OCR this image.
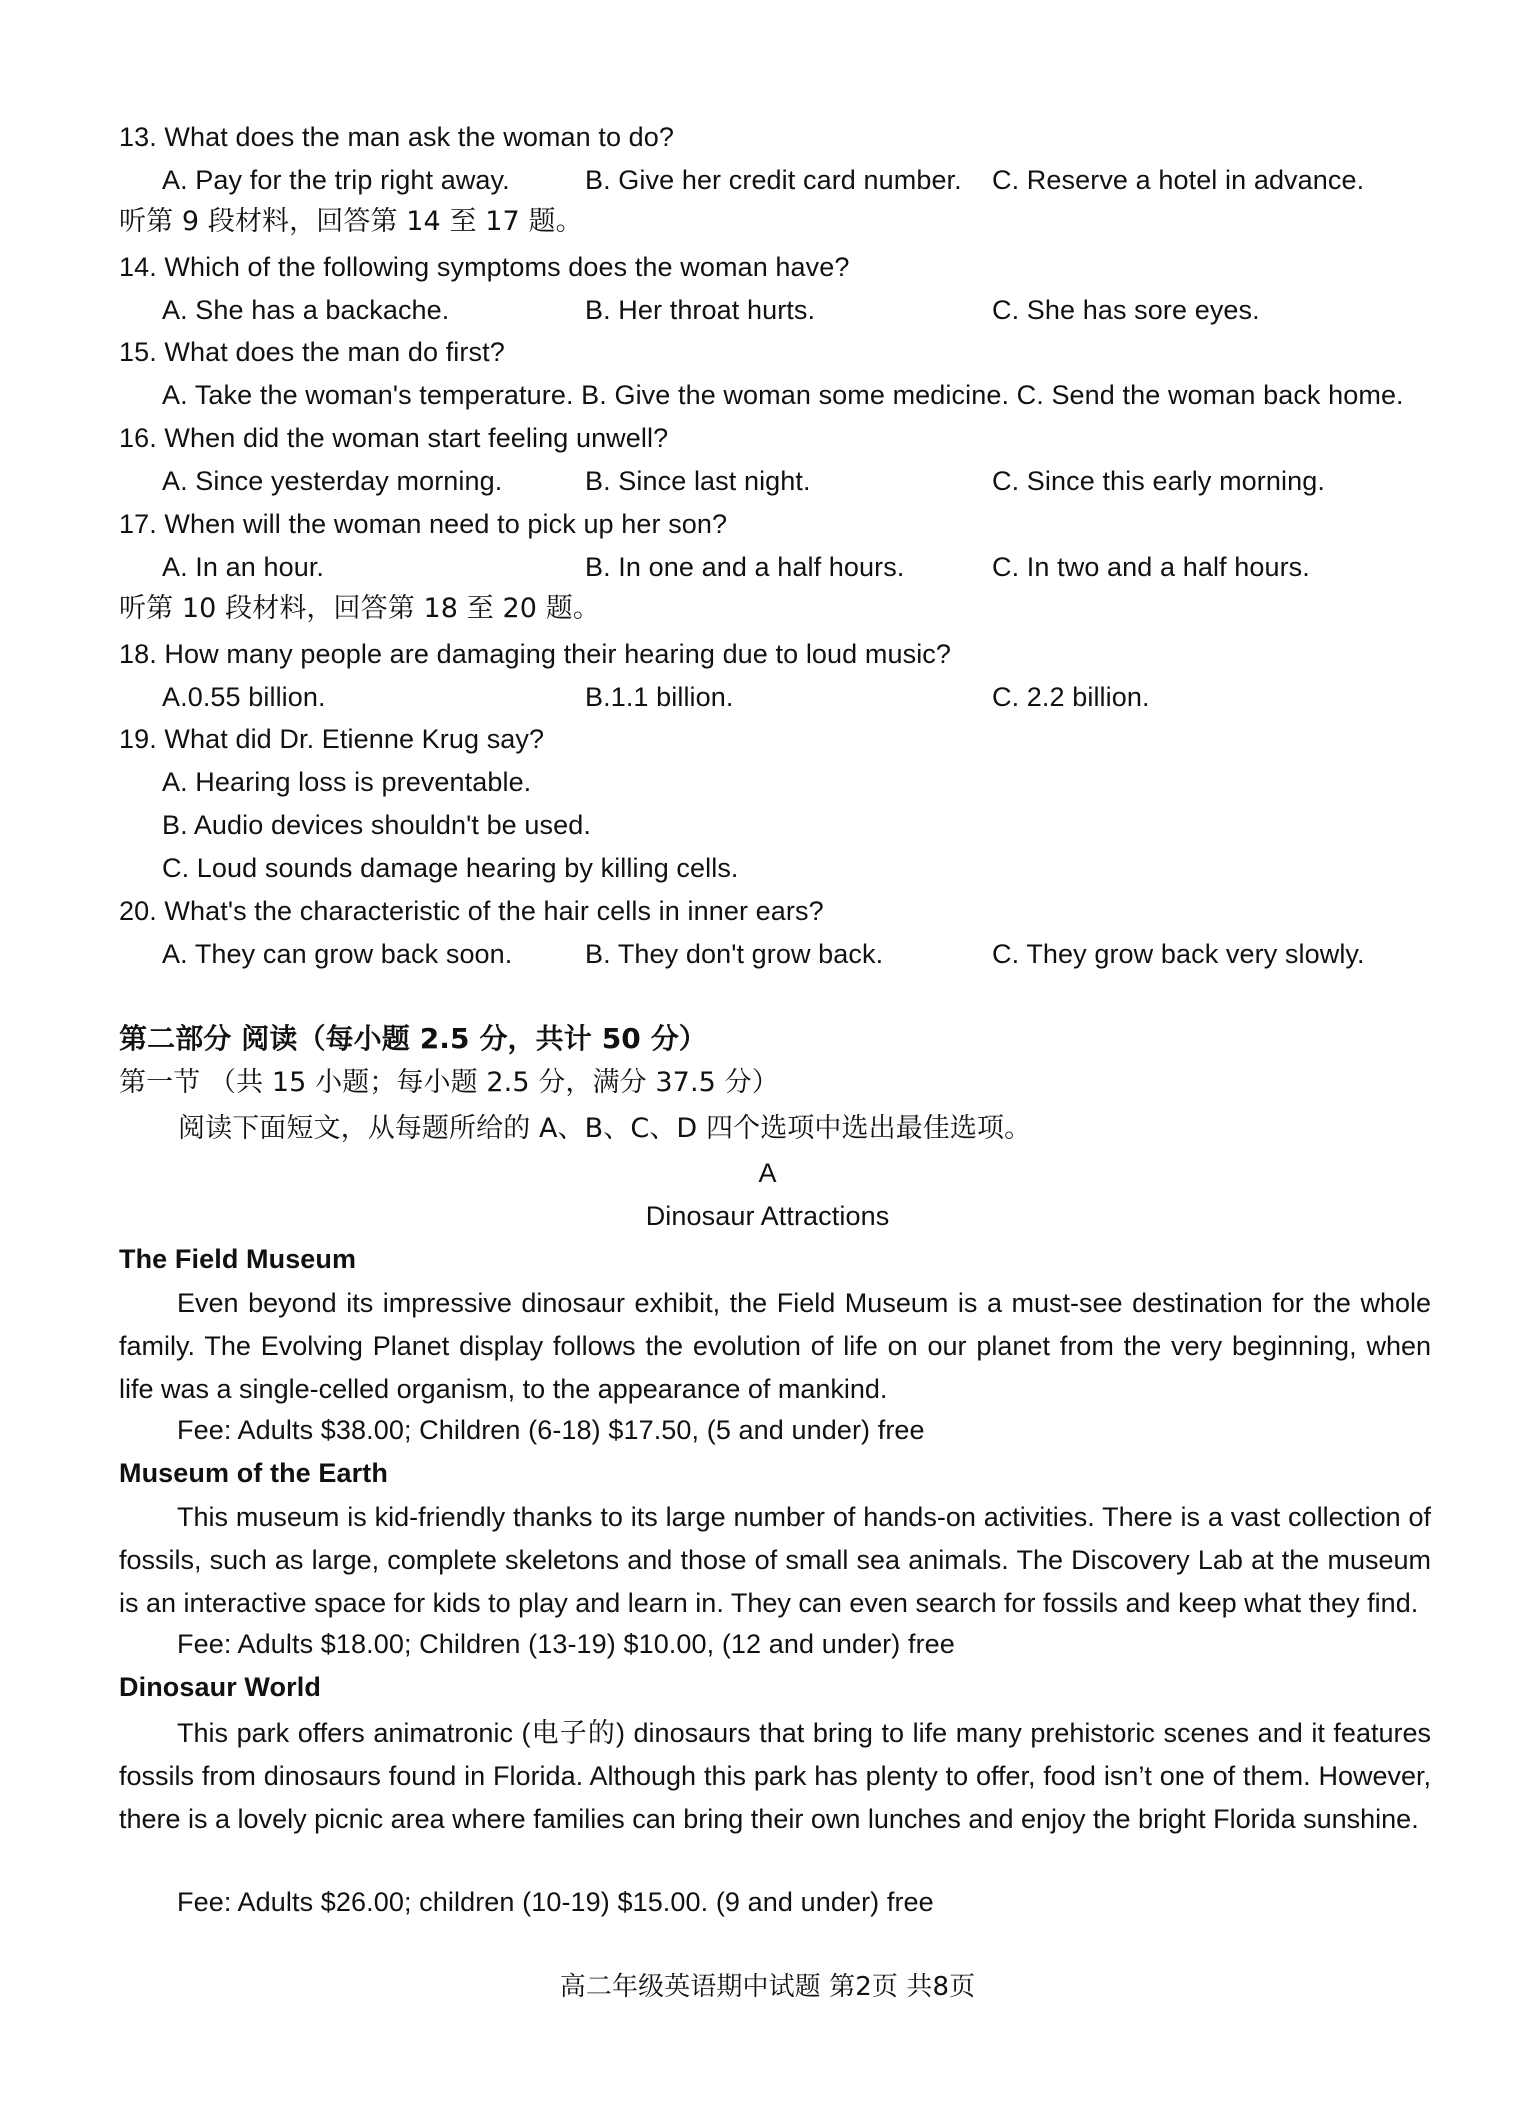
13. What does the man ask the woman to do?
A. Pay for the trip right away.	B. Give her credit card number. C. Reserve a hotel in advance.
听第 9 段材料，回答第 14 至 17 题。
14. Which of the following symptoms does the woman have?
A. She has a backache.	B. Her throat hurts.	C. She has sore eyes.
15. What does the man do first?
A. Take the woman's temperature. B. Give the woman some medicine. C. Send the woman back home.
16. When did the woman start feeling unwell?
A. Since yesterday morning.	B. Since last night.	C. Since this early morning.
17. When will the woman need to pick up her son?
A. In an hour.	B. In one and a half hours.	C. In two and a half hours.
听第 10 段材料，回答第 18 至 20 题。
18. How many people are damaging their hearing due to loud music?
A.0.55 billion.	B.1.1 billion.	C. 2.2 billion.
19. What did Dr. Etienne Krug say?
A. Hearing loss is preventable.
B. Audio devices shouldn't be used.
C. Loud sounds damage hearing by killing cells.
20. What's the characteristic of the hair cells in inner ears?
A. They can grow back soon.	B. They don't grow back.	C. They grow back very slowly.
第二部分 阅读（每小题 2.5 分，共计 50 分）
第一节 （共 15 小题；每小题 2.5 分，满分 37.5 分）
阅读下面短文，从每题所给的 A、B、C、D 四个选项中选出最佳选项。
A
Dinosaur Attractions
The Field Museum
Even beyond its impressive dinosaur exhibit, the Field Museum is a must-see destination for the whole family. The Evolving Planet display follows the evolution of life on our planet from the very beginning, when life was a single-celled organism, to the appearance of mankind.
Fee: Adults $38.00; Children (6-18) $17.50, (5 and under) free
Museum of the Earth
This museum is kid-friendly thanks to its large number of hands-on activities. There is a vast collection of fossils, such as large, complete skeletons and those of small sea animals. The Discovery Lab at the museum is an interactive space for kids to play and learn in. They can even search for fossils and keep what they find.
Fee: Adults $18.00; Children (13-19) $10.00, (12 and under) free
Dinosaur World
This park offers animatronic (电子的) dinosaurs that bring to life many prehistoric scenes and it features fossils from dinosaurs found in Florida. Although this park has plenty to offer, food isn’t one of them. However, there is a lovely picnic area where families can bring their own lunches and enjoy the bright Florida sunshine.
Fee: Adults $26.00; children (10-19) $15.00. (9 and under) free
高二年级英语期中试题 第2页 共8页
